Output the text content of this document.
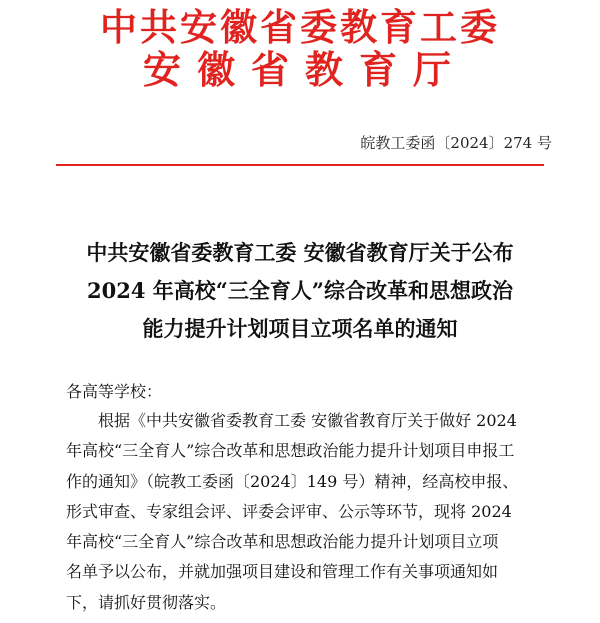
中共安徽省委教育工委
安徽省教育厅
皖教工委函〔2024〕274 号
中共安徽省委教育工委 安徽省教育厅关于公布
2024 年高校“三全育人”综合改革和思想政治
能力提升计划项目立项名单的通知
各高等学校：
根据《中共安徽省委教育工委 安徽省教育厅关于做好 2024
年高校“三全育人”综合改革和思想政治能力提升计划项目申报工
作的通知》（皖教工委函〔2024〕149 号）精神，经高校申报、
形式审查、专家组会评、评委会评审、公示等环节，现将 2024
年高校“三全育人”综合改革和思想政治能力提升计划项目立项
名单予以公布，并就加强项目建设和管理工作有关事项通知如
下，请抓好贯彻落实。
